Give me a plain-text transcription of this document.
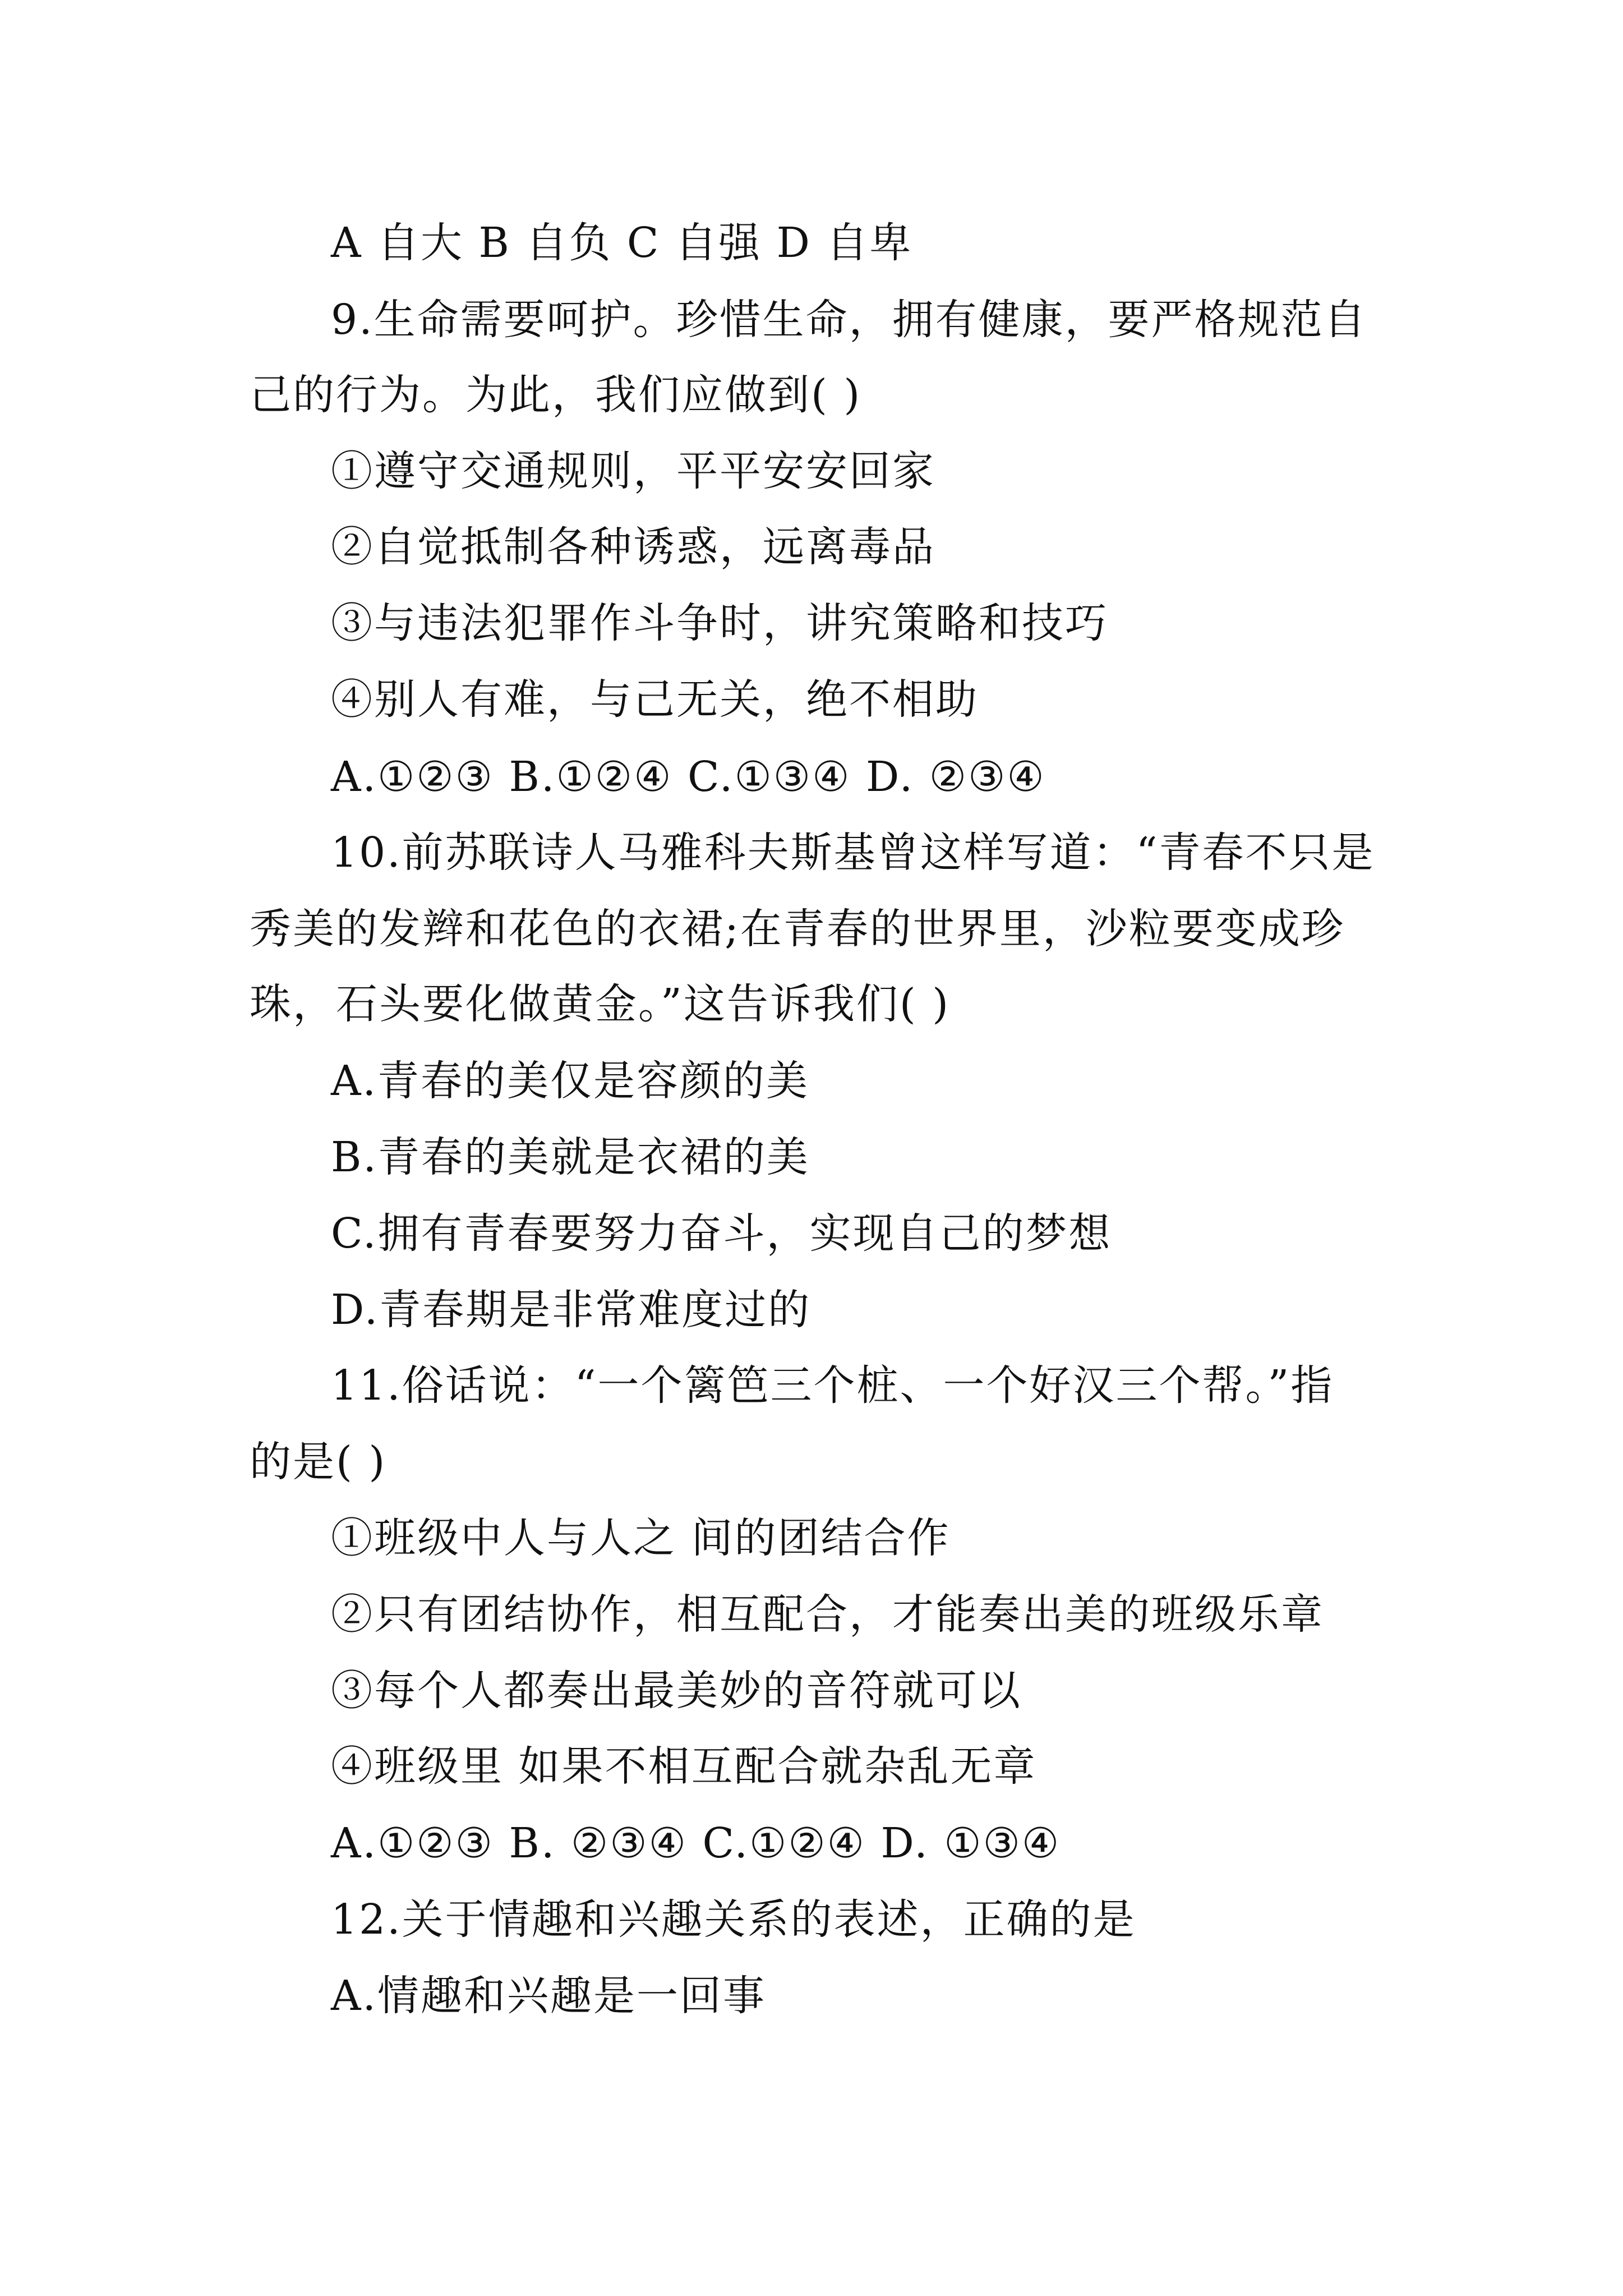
A 自大 B 自负 C 自强 D 自卑
9.生命需要呵护。珍惜生命，拥有健康，要严格规范自
己的行为。为此，我们应做到( )
①遵守交通规则，平平安安回家
②自觉抵制各种诱惑，远离毒品
③与违法犯罪作斗争时，讲究策略和技巧
④别人有难，与己无关，绝不相助
A.①②③ B.①②④ C.①③④ D. ②③④
10.前苏联诗人马雅科夫斯基曾这样写道：“青春不只是
秀美的发辫和花色的衣裙;在青春的世界里，沙粒要变成珍
珠，石头要化做黄金。”这告诉我们( )
A.青春的美仅是容颜的美
B.青春的美就是衣裙的美
C.拥有青春要努力奋斗，实现自己的梦想
D.青春期是非常难度过的
11.俗话说：“一个篱笆三个桩、一个好汉三个帮。”指
的是( )
①班级中人与人之 间的团结合作
②只有团结协作，相互配合，才能奏出美的班级乐章
③每个人都奏出最美妙的音符就可以
④班级里 如果不相互配合就杂乱无章
A.①②③ B. ②③④ C.①②④ D. ①③④
12.关于情趣和兴趣关系的表述，正确的是
A.情趣和兴趣是一回事
